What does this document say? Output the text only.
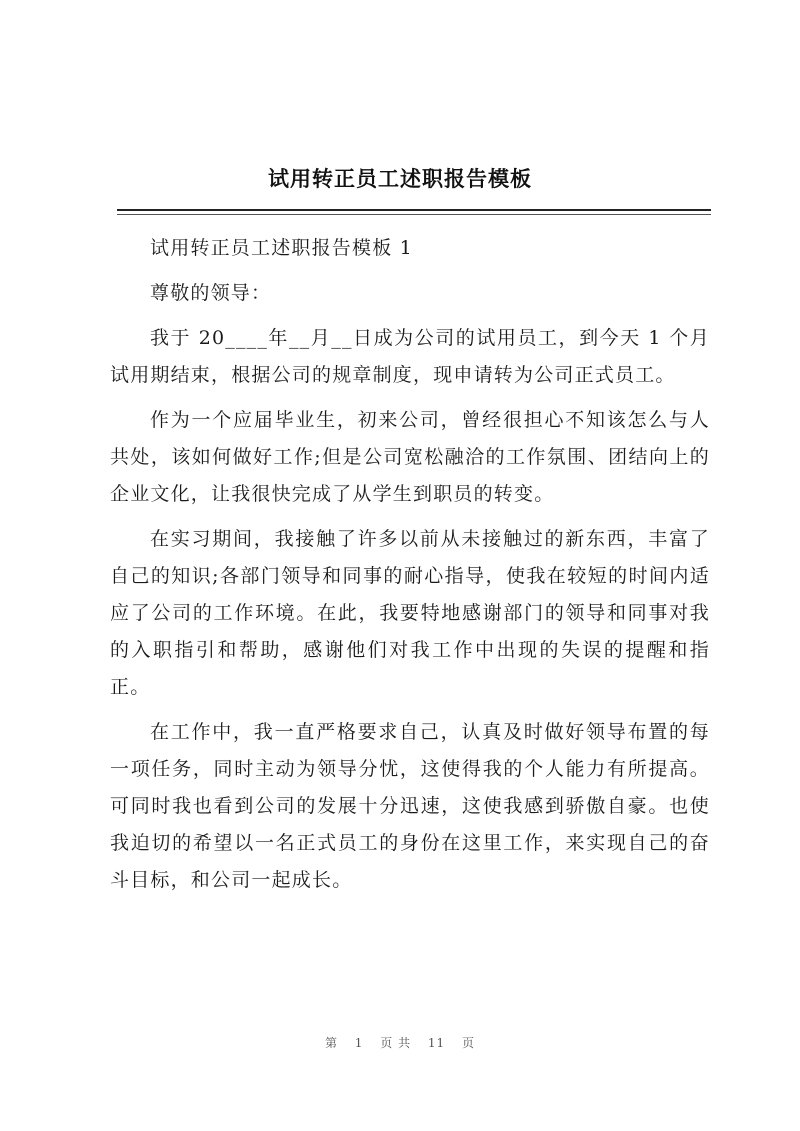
试用转正员工述职报告模板

试用转正员工述职报告模板 1

尊敬的领导：

我于 20____年__月__日成为公司的试用员工，到今天 1 个月试用期结束，根据公司的规章制度，现申请转为公司正式员工。

作为一个应届毕业生，初来公司，曾经很担心不知该怎么与人共处，该如何做好工作;但是公司宽松融洽的工作氛围、团结向上的企业文化，让我很快完成了从学生到职员的转变。

在实习期间，我接触了许多以前从未接触过的新东西，丰富了自己的知识;各部门领导和同事的耐心指导，使我在较短的时间内适应了公司的工作环境。在此，我要特地感谢部门的领导和同事对我的入职指引和帮助，感谢他们对我工作中出现的失误的提醒和指正。

在工作中，我一直严格要求自己，认真及时做好领导布置的每一项任务，同时主动为领导分忧，这使得我的个人能力有所提高。可同时我也看到公司的发展十分迅速，这使我感到骄傲自豪。也使我迫切的希望以一名正式员工的身份在这里工作，来实现自己的奋斗目标，和公司一起成长。

第 1 页 共 11 页
